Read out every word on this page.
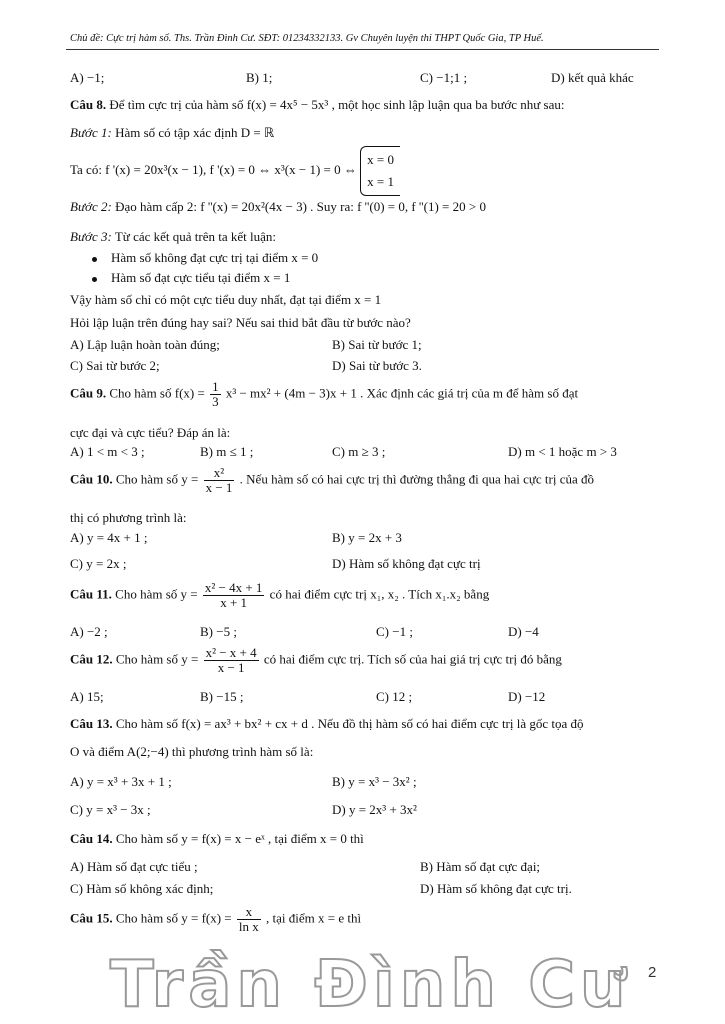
Chủ đề: Cực trị hàm số. Ths. Trần Đình Cư. SĐT: 01234332133. Gv Chuyên luyện thi THPT Quốc Gia, TP Huế.
A) −1;	B) 1;	C) −1;1 ;	D) kết quả khác
Câu 8. Để tìm cực trị của hàm số f(x) = 4x⁵ − 5x³ , một học sinh lập luận qua ba bước như sau:
Bước 1: Hàm số có tập xác định D = ℝ
Ta có: f '(x) = 20x³(x − 1), f '(x) = 0 ⇔ x³(x − 1) = 0 ⇔
x = 0
x = 1
Bước 2: Đạo hàm cấp 2: f ''(x) = 20x²(4x − 3) . Suy ra: f ''(0) = 0, f ''(1) = 20 > 0
Bước 3: Từ các kết quả trên ta kết luận:
Hàm số không đạt cực trị tại điểm x = 0
Hàm số đạt cực tiểu tại điểm x = 1
Vậy hàm số chỉ có một cực tiểu duy nhất, đạt tại điểm x = 1
Hỏi lập luận trên đúng hay sai? Nếu sai thid bắt đầu từ bước nào?
A) Lập luận hoàn toàn đúng;	B) Sai từ bước 1;
C) Sai từ bước 2;	D) Sai từ bước 3.
Câu 9. Cho hàm số $f(x) = \frac{1}{3} x^3 - mx^2 + (4m - 3)x + 1$ . Xác định các giá trị của m để hàm số đạt
cực đại và cực tiểu? Đáp án là:
A) 1 < m < 3 ;	B) m ≤ 1 ;	C) m ≥ 3 ;	D) m < 1 hoặc m > 3
Câu 10. Cho hàm số $y = \frac{\text{x²}}{x - 1}$ . Nếu hàm số có hai cực trị thì đường thẳng đi qua hai cực trị của đồ
thị có phương trình là:
A) y = 4x + 1 ;	B) y = 2x + 3
C) y = 2x ;	D) Hàm số không đạt cực trị
Câu 11. Cho hàm số $y = \frac{\text{x² − 4x + 1}}{x + 1}$ có hai điểm cực trị x₁, x₂ . Tích x₁.x₂ bằng
A) −2 ;	B) −5 ;	C) −1 ;	D) −4
Câu 12. Cho hàm số $y = \frac{\text{x² − x + 4}}{x - 1}$ có hai điểm cực trị. Tích số của hai giá trị cực trị đó bằng
A) 15;	B) −15 ;	C) 12 ;	D) −12
Câu 13. Cho hàm số f(x) = ax³ + bx² + cx + d . Nếu đồ thị hàm số có hai điểm cực trị là gốc tọa độ
O và điểm A(2;−4) thì phương trình hàm số là:
A) y = x³ + 3x + 1 ;	B) y = x³ − 3x² ;
C) y = x³ − 3x ;	D) y = 2x³ + 3x²
Câu 14. Cho hàm số y = f(x) = x − eˣ , tại điểm x = 0 thì
A) Hàm số đạt cực tiểu ;	B) Hàm số đạt cực đại;
C) Hàm số không xác định;	D) Hàm số không đạt cực trị.
Câu 15. Cho hàm số $y = f(x) = \frac{x}{\text{ln x}}$ , tại điểm x = e thì
Trần Đình Cư 2
